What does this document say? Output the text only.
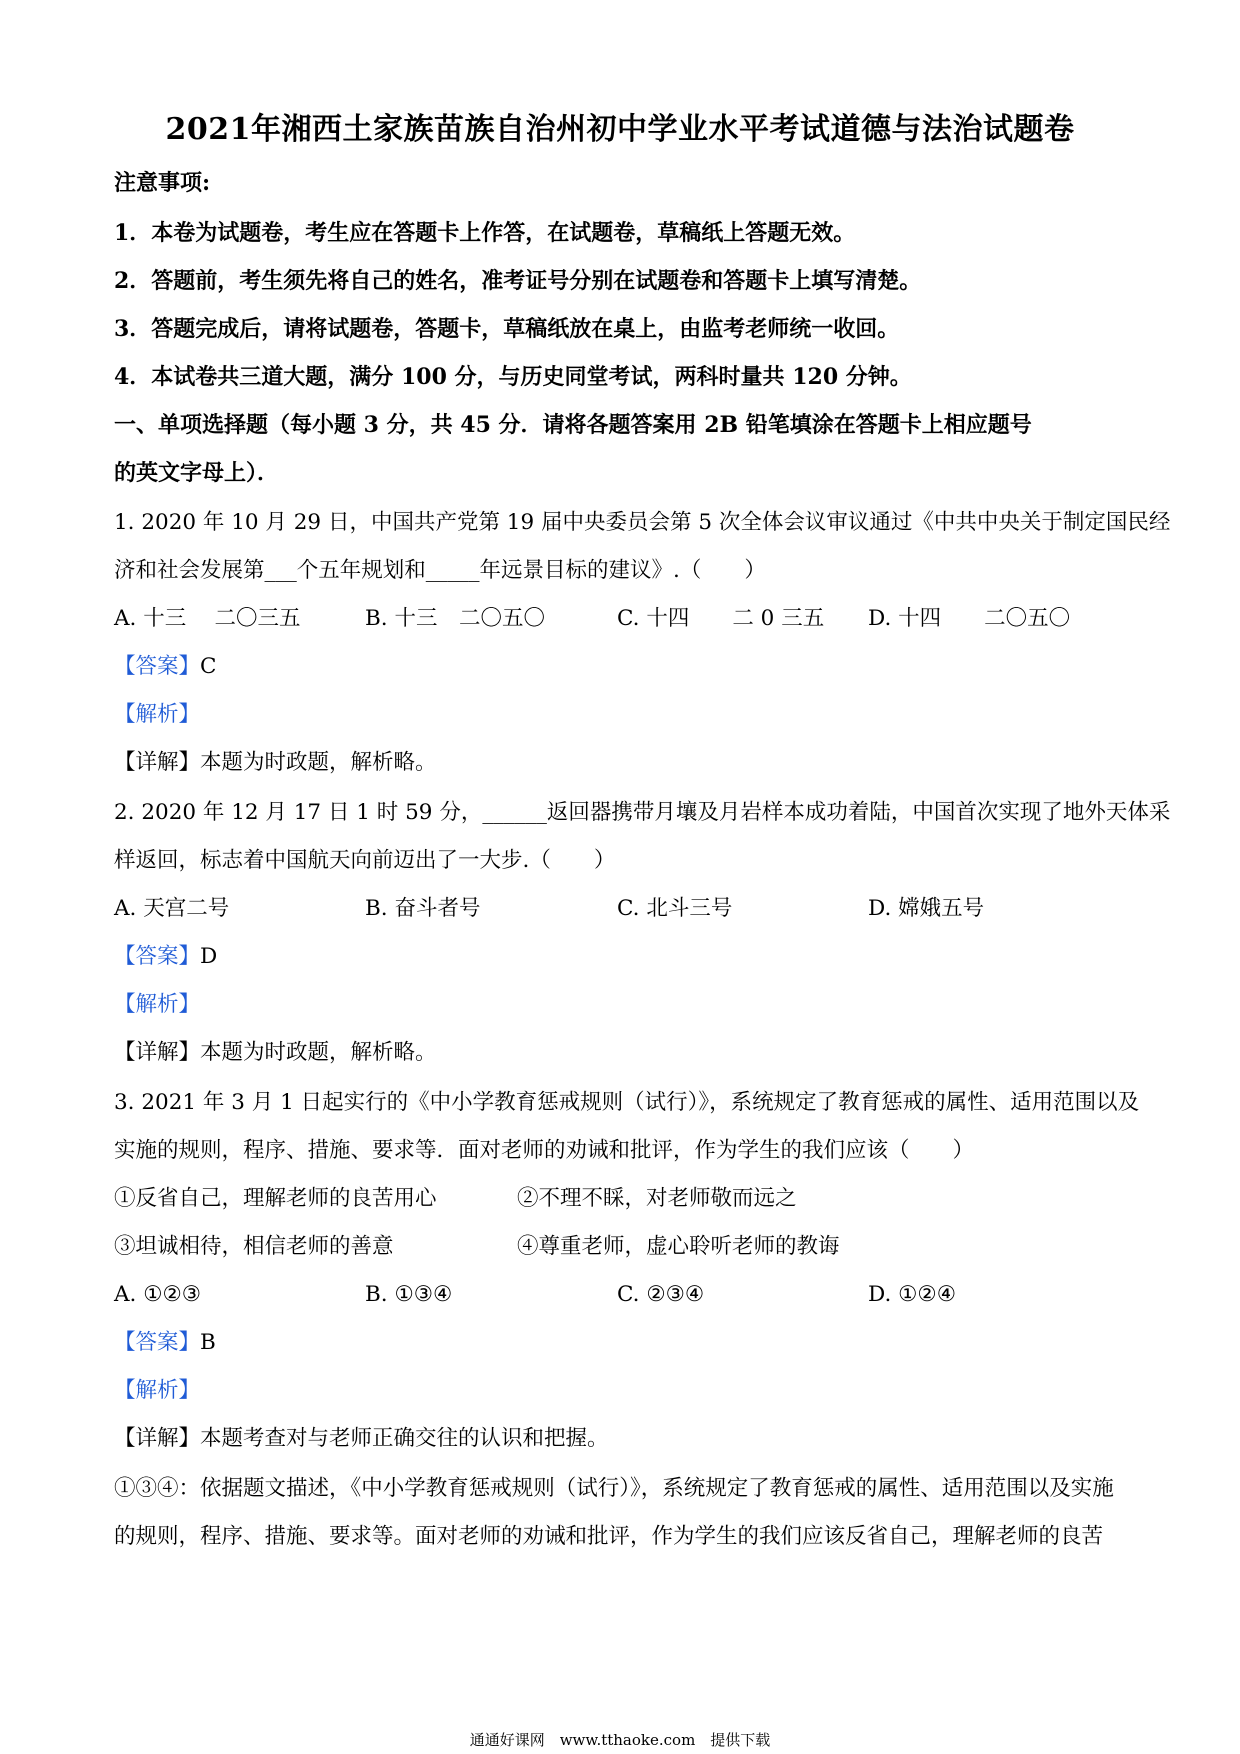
2021年湘西土家族苗族自治州初中学业水平考试道德与法治试题卷
注意事项:
1．本卷为试题卷，考生应在答题卡上作答，在试题卷，草稿纸上答题无效。
2．答题前，考生须先将自己的姓名，准考证号分别在试题卷和答题卡上填写清楚。
3．答题完成后，请将试题卷，答题卡，草稿纸放在桌上，由监考老师统一收回。
4．本试卷共三道大题，满分 100 分，与历史同堂考试，两科时量共 120 分钟。
一、单项选择题（每小题 3 分，共 45 分．请将各题答案用 2B 铅笔填涂在答题卡上相应题号
的英文字母上）．
1. 2020 年 10 月 29 日，中国共产党第 19 届中央委员会第 5 次全体会议审议通过《中共中央关于制定国民经
济和社会发展第___个五年规划和_____年远景目标的建议》.（　　）
A. 十三　 二〇三五	B. 十三　二〇五〇	C. 十四　　二 0 三五 D. 十四　　二〇五〇
【答案】C
【解析】
【详解】本题为时政题，解析略。
2. 2020 年 12 月 17 日 1 时 59 分，______返回器携带月壤及月岩样本成功着陆，中国首次实现了地外天体采
样返回，标志着中国航天向前迈出了一大步.（　　）
A. 天宫二号	B. 奋斗者号	C. 北斗三号	D. 嫦娥五号
【答案】D
【解析】
【详解】本题为时政题，解析略。
3. 2021 年 3 月 1 日起实行的《中小学教育惩戒规则（试行）》，系统规定了教育惩戒的属性、适用范围以及
实施的规则，程序、措施、要求等．面对老师的劝诫和批评，作为学生的我们应该（　　）
①反省自己，理解老师的良苦用心	②不理不睬，对老师敬而远之
③坦诚相待，相信老师的善意	④尊重老师，虚心聆听老师的教诲
A. ①②③	B. ①③④	C. ②③④	D. ①②④
【答案】B
【解析】
【详解】本题考查对与老师正确交往的认识和把握。
①③④：依据题文描述，《中小学教育惩戒规则（试行）》，系统规定了教育惩戒的属性、适用范围以及实施
的规则，程序、措施、要求等。面对老师的劝诫和批评，作为学生的我们应该反省自己，理解老师的良苦
通通好课网　www.tthaoke.com　提供下载
